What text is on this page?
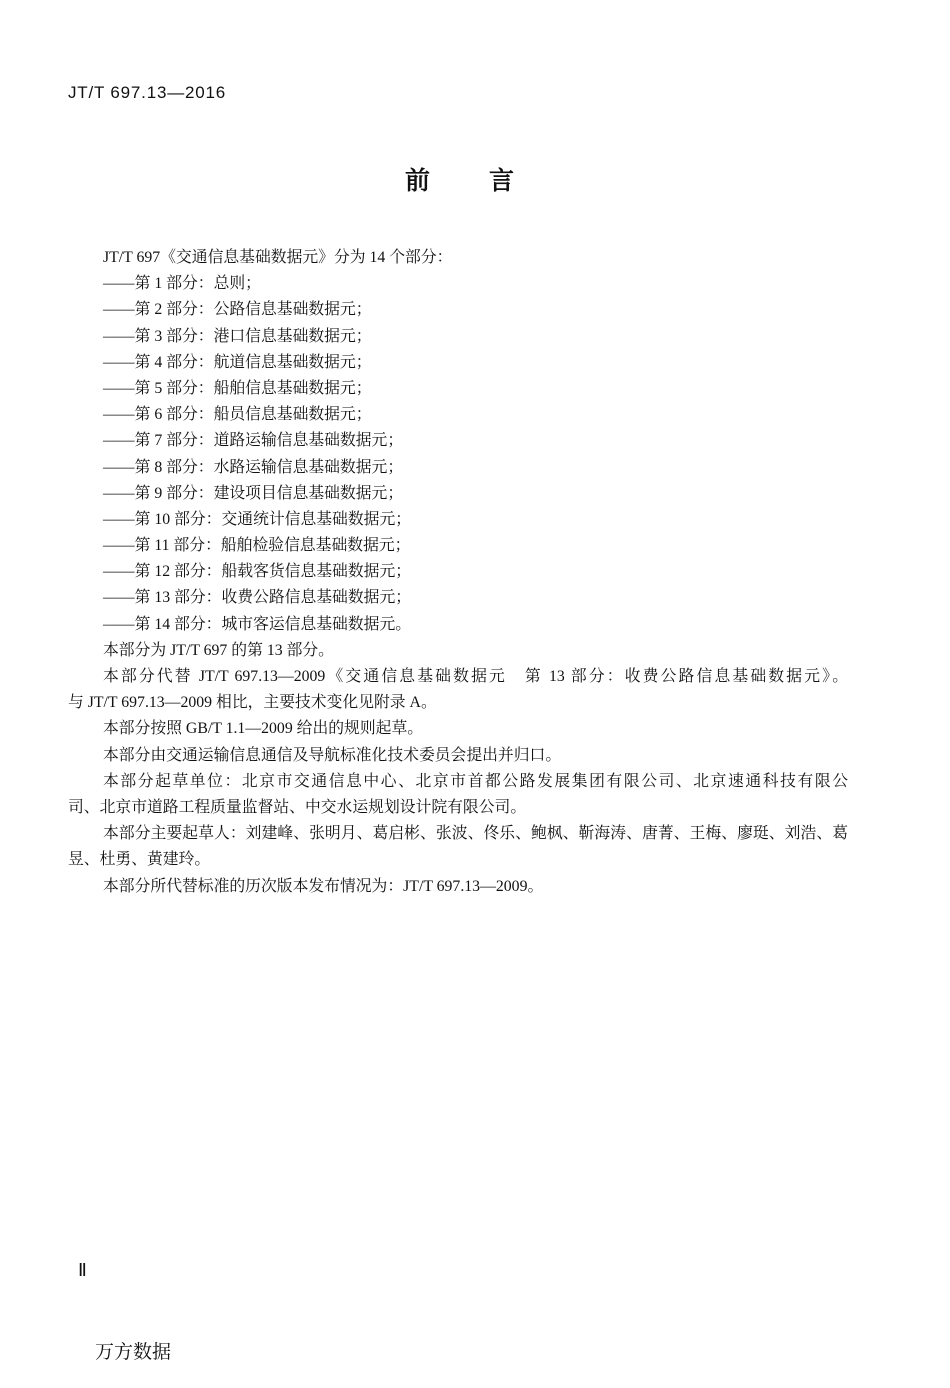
JT/T 697.13—2016
前　　言
JT/T 697《交通信息基础数据元》分为 14 个部分：
——第 1 部分：总则；
——第 2 部分：公路信息基础数据元；
——第 3 部分：港口信息基础数据元；
——第 4 部分：航道信息基础数据元；
——第 5 部分：船舶信息基础数据元；
——第 6 部分：船员信息基础数据元；
——第 7 部分：道路运输信息基础数据元；
——第 8 部分：水路运输信息基础数据元；
——第 9 部分：建设项目信息基础数据元；
——第 10 部分：交通统计信息基础数据元；
——第 11 部分：船舶检验信息基础数据元；
——第 12 部分：船载客货信息基础数据元；
——第 13 部分：收费公路信息基础数据元；
——第 14 部分：城市客运信息基础数据元。
本部分为 JT/T 697 的第 13 部分。
本部分代替 JT/T 697.13—2009《交通信息基础数据元　第 13 部分：收费公路信息基础数据元》。
与 JT/T 697.13—2009 相比，主要技术变化见附录 A。
本部分按照 GB/T 1.1—2009 给出的规则起草。
本部分由交通运输信息通信及导航标准化技术委员会提出并归口。
本部分起草单位：北京市交通信息中心、北京市首都公路发展集团有限公司、北京速通科技有限公
司、北京市道路工程质量监督站、中交水运规划设计院有限公司。
本部分主要起草人：刘建峰、张明月、葛启彬、张波、佟乐、鲍枫、靳海涛、唐菁、王梅、廖珽、刘浩、葛
昱、杜勇、黄建玲。
本部分所代替标准的历次版本发布情况为：JT/T 697.13—2009。
Ⅱ
万方数据
